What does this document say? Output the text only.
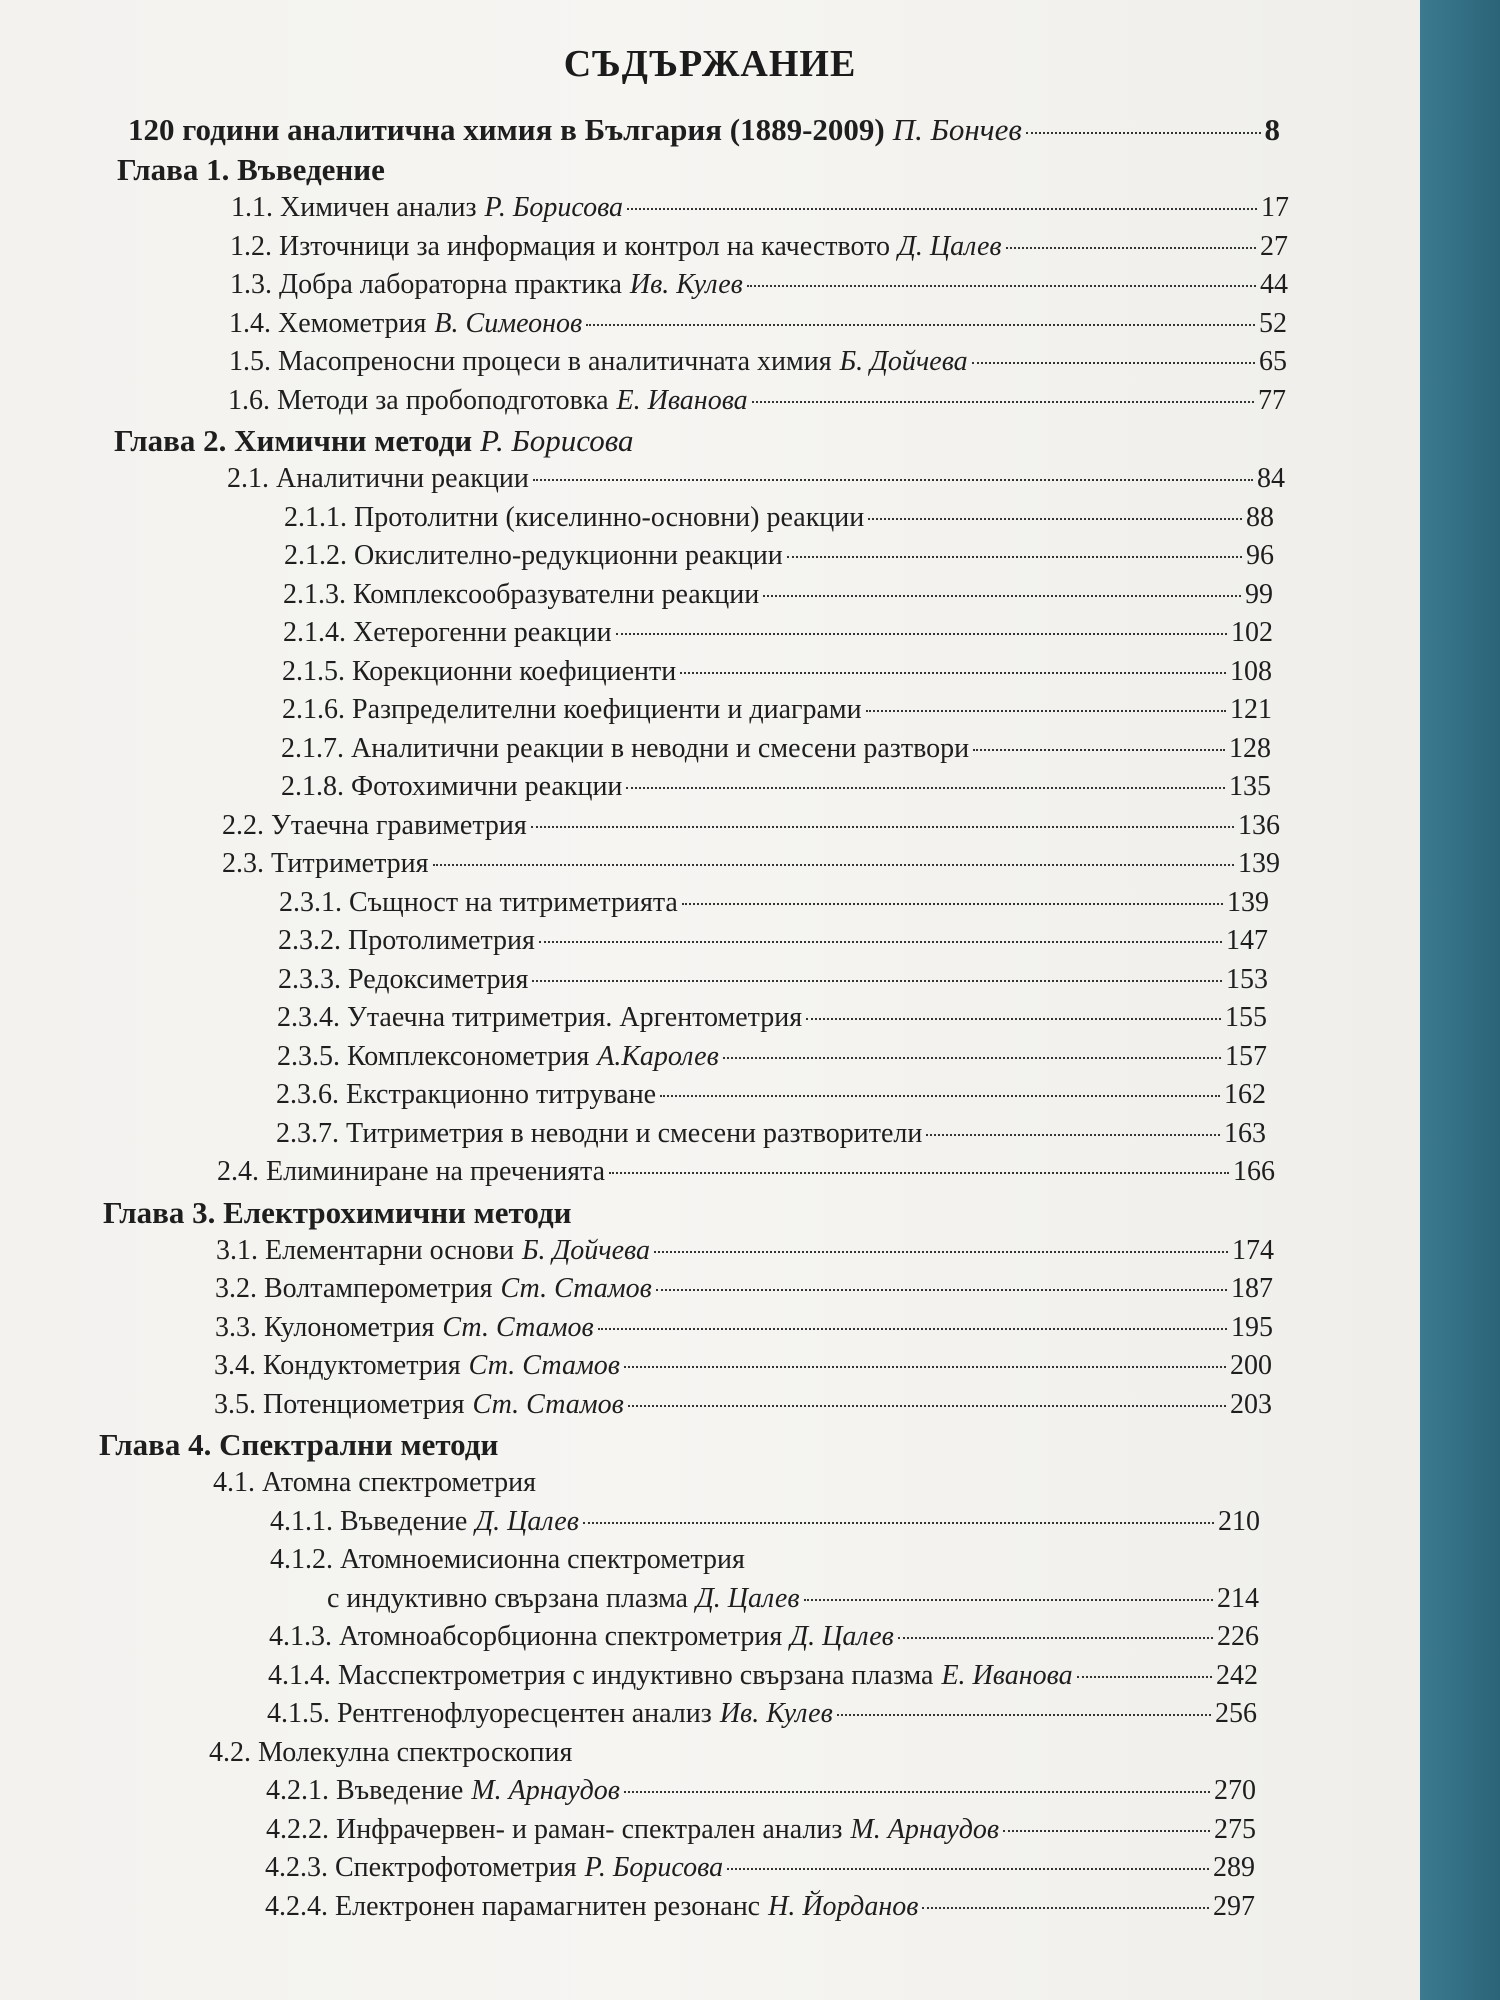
СЪДЪРЖАНИЕ
120 години аналитична химия в България (1889-2009) П. Бончев	8
Глава 1. Въведение
1.1. Химичен анализ Р. Борисова	17
1.2. Източници за информация и контрол на качеството Д. Цалев	27
1.3. Добра лабораторна практика Ив. Кулев	44
1.4. Хемометрия В. Симеонов	52
1.5. Масопреносни процеси в аналитичната химия Б. Дойчева	65
1.6. Методи за пробоподготовка Е. Иванова	77
Глава 2. Химични методи Р. Борисова
2.1. Аналитични реакции	84
2.1.1. Протолитни (киселинно-основни) реакции	88
2.1.2. Окислително-редукционни реакции	96
2.1.3. Комплексообразувателни реакции	99
2.1.4. Хетерогенни реакции	102
2.1.5. Корекционни коефициенти	108
2.1.6. Разпределителни коефициенти и диаграми	121
2.1.7. Аналитични реакции в неводни и смесени разтвори	128
2.1.8. Фотохимични реакции	135
2.2. Утаечна гравиметрия	136
2.3. Титриметрия	139
2.3.1. Същност на титриметрията	139
2.3.2. Протолиметрия	147
2.3.3. Редоксиметрия	153
2.3.4. Утаечна титриметрия. Аргентометрия	155
2.3.5. Комплексонометрия А.Каролев	157
2.3.6. Екстракционно титруване	162
2.3.7. Титриметрия в неводни и смесени разтворители	163
2.4. Елиминиране на преченията	166
Глава 3. Електрохимични методи
3.1. Елементарни основи Б. Дойчева	174
3.2. Волтамперометрия Ст. Стамов	187
3.3. Кулонометрия Ст. Стамов	195
3.4. Кондуктометрия Ст. Стамов	200
3.5. Потенциометрия Ст. Стамов	203
Глава 4. Спектрални методи
4.1. Атомна спектрометрия
4.1.1. Въведение Д. Цалев	210
4.1.2. Атомноемисионна спектрометрия
с индуктивно свързана плазма Д. Цалев	214
4.1.3. Атомноабсорбционна спектрометрия Д. Цалев	226
4.1.4. Масспектрометрия с индуктивно свързана плазма Е. Иванова	242
4.1.5. Рентгенофлуоресцентен анализ Ив. Кулев	256
4.2. Молекулна спектроскопия
4.2.1. Въведение М. Арнаудов	270
4.2.2. Инфрачервен- и раман- спектрален анализ М. Арнаудов	275
4.2.3. Спектрофотометрия Р. Борисова	289
4.2.4. Електронен парамагнитен резонанс Н. Йорданов	297
